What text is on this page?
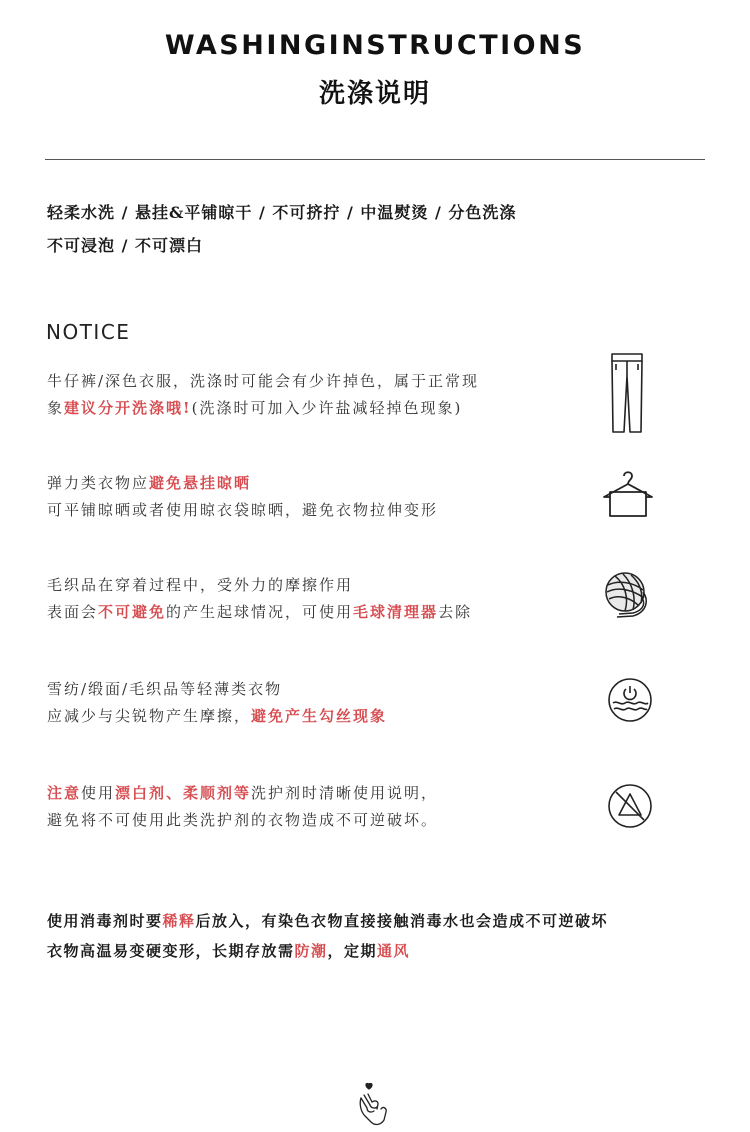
WASHINGINSTRUCTIONS
洗涤说明
轻柔水洗 / 悬挂&平铺晾干 / 不可挤拧 / 中温熨烫 / 分色洗涤
不可浸泡 / 不可漂白
NOTICE
牛仔裤/深色衣服，洗涤时可能会有少许掉色，属于正常现
象建议分开洗涤哦!(洗涤时可加入少许盐减轻掉色现象)
弹力类衣物应避免悬挂晾晒
可平铺晾晒或者使用晾衣袋晾晒，避免衣物拉伸变形
毛织品在穿着过程中，受外力的摩擦作用
表面会不可避免的产生起球情况，可使用毛球清理器去除
雪纺/缎面/毛织品等轻薄类衣物
应减少与尖锐物产生摩擦，避免产生勾丝现象
注意使用漂白剂、柔顺剂等洗护剂时清晰使用说明，
避免将不可使用此类洗护剂的衣物造成不可逆破坏。
使用消毒剂时要稀释后放入，有染色衣物直接接触消毒水也会造成不可逆破坏
衣物高温易变硬变形，长期存放需防潮，定期通风
